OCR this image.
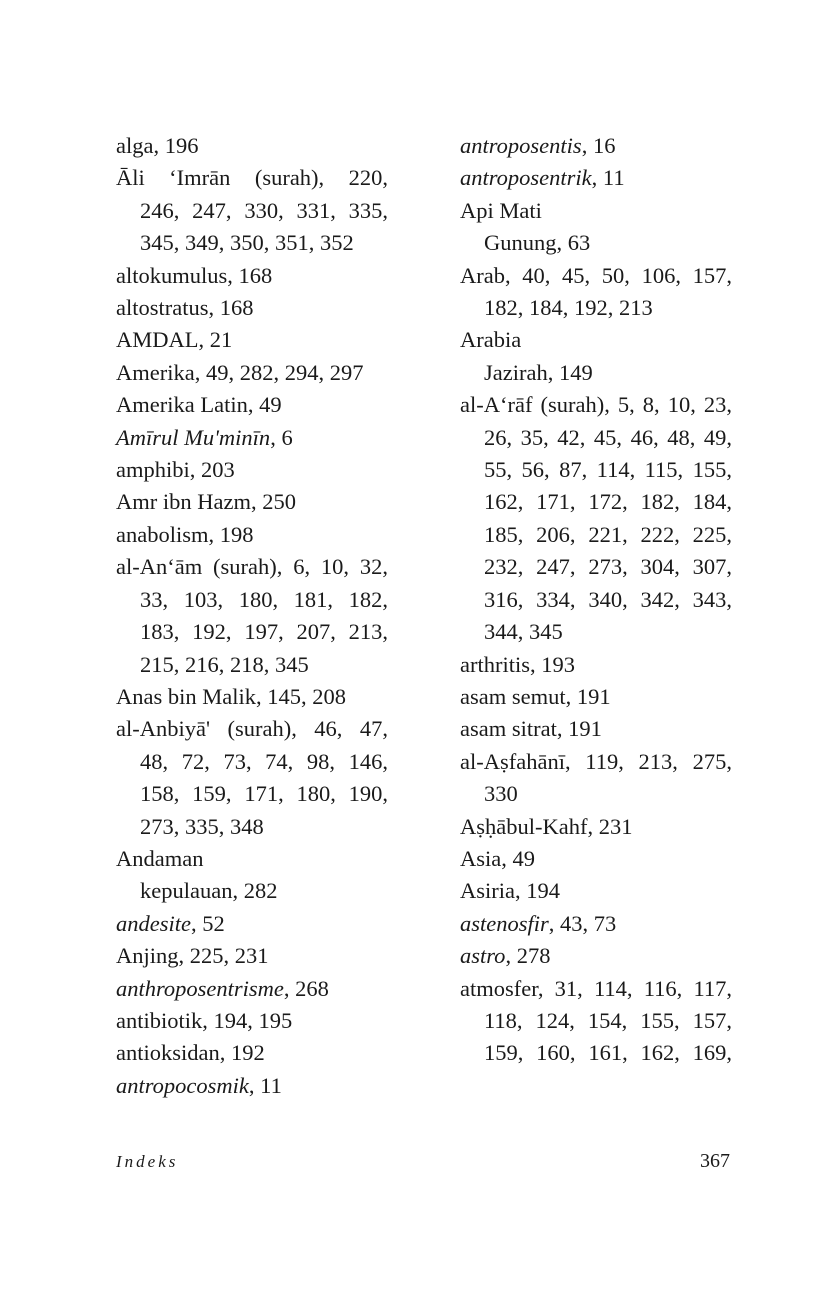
alga, 196
Āli ‘Imrān (surah), 220,
246, 247, 330, 331, 335,
345, 349, 350, 351, 352
altokumulus, 168
altostratus, 168
AMDAL, 21
Amerika, 49, 282, 294, 297
Amerika Latin, 49
Amīrul Mu'minīn, 6
amphibi, 203
Amr ibn Hazm, 250
anabolism, 198
al-An‘ām (surah), 6, 10, 32,
33, 103, 180, 181, 182,
183, 192, 197, 207, 213,
215, 216, 218, 345
Anas bin Malik, 145, 208
al-Anbiyā' (surah), 46, 47,
48, 72, 73, 74, 98, 146,
158, 159, 171, 180, 190,
273, 335, 348
Andaman
kepulauan, 282
andesite, 52
Anjing, 225, 231
anthroposentrisme, 268
antibiotik, 194, 195
antioksidan, 192
antropocosmik, 11
antroposentis, 16
antroposentrik, 11
Api Mati
Gunung, 63
Arab, 40, 45, 50, 106, 157,
182, 184, 192, 213
Arabia
Jazirah, 149
al-A‘rāf (surah), 5, 8, 10, 23,
26, 35, 42, 45, 46, 48, 49,
55, 56, 87, 114, 115, 155,
162, 171, 172, 182, 184,
185, 206, 221, 222, 225,
232, 247, 273, 304, 307,
316, 334, 340, 342, 343,
344, 345
arthritis, 193
asam semut, 191
asam sitrat, 191
al-Aṣfahānī, 119, 213, 275,
330
Aṣḥābul-Kahf, 231
Asia, 49
Asiria, 194
astenosfir, 43, 73
astro, 278
atmosfer, 31, 114, 116, 117,
118, 124, 154, 155, 157,
159, 160, 161, 162, 169,
Indeks	367
